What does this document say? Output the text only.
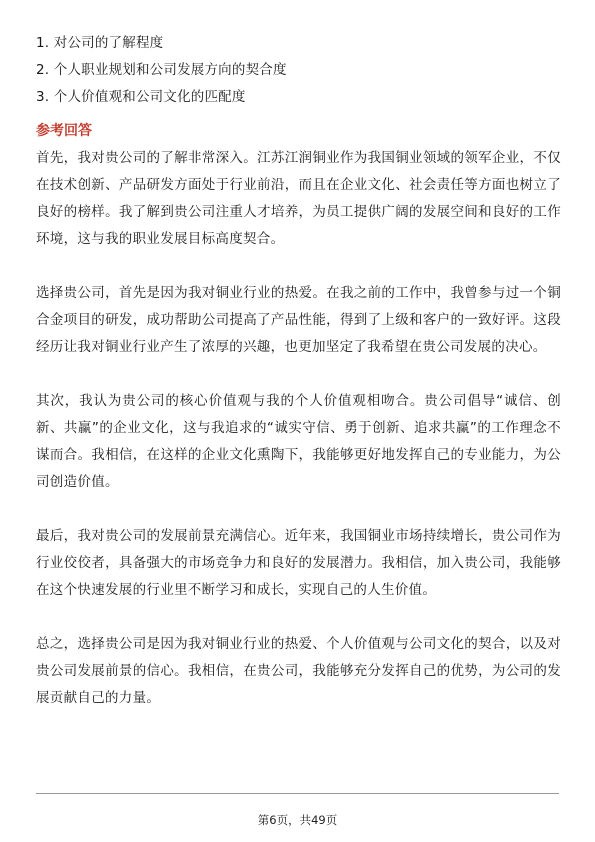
1. 对公司的了解程度
2. 个人职业规划和公司发展方向的契合度
3. 个人价值观和公司文化的匹配度
参考回答

首先，我对贵公司的了解非常深入。江苏江润铜业作为我国铜业领域的领军企业，不仅在技术创新、产品研发方面处于行业前沿，而且在企业文化、社会责任等方面也树立了良好的榜样。我了解到贵公司注重人才培养，为员工提供广阔的发展空间和良好的工作环境，这与我的职业发展目标高度契合。

选择贵公司，首先是因为我对铜业行业的热爱。在我之前的工作中，我曾参与过一个铜合金项目的研发，成功帮助公司提高了产品性能，得到了上级和客户的一致好评。这段经历让我对铜业行业产生了浓厚的兴趣，也更加坚定了我希望在贵公司发展的决心。

其次，我认为贵公司的核心价值观与我的个人价值观相吻合。贵公司倡导“诚信、创新、共赢”的企业文化，这与我追求的“诚实守信、勇于创新、追求共赢”的工作理念不谋而合。我相信，在这样的企业文化熏陶下，我能够更好地发挥自己的专业能力，为公司创造价值。

最后，我对贵公司的发展前景充满信心。近年来，我国铜业市场持续增长，贵公司作为行业佼佼者，具备强大的市场竞争力和良好的发展潜力。我相信，加入贵公司，我能够在这个快速发展的行业里不断学习和成长，实现自己的人生价值。

总之，选择贵公司是因为我对铜业行业的热爱、个人价值观与公司文化的契合，以及对贵公司发展前景的信心。我相信，在贵公司，我能够充分发挥自己的优势，为公司的发展贡献自己的力量。

第6页，共49页
